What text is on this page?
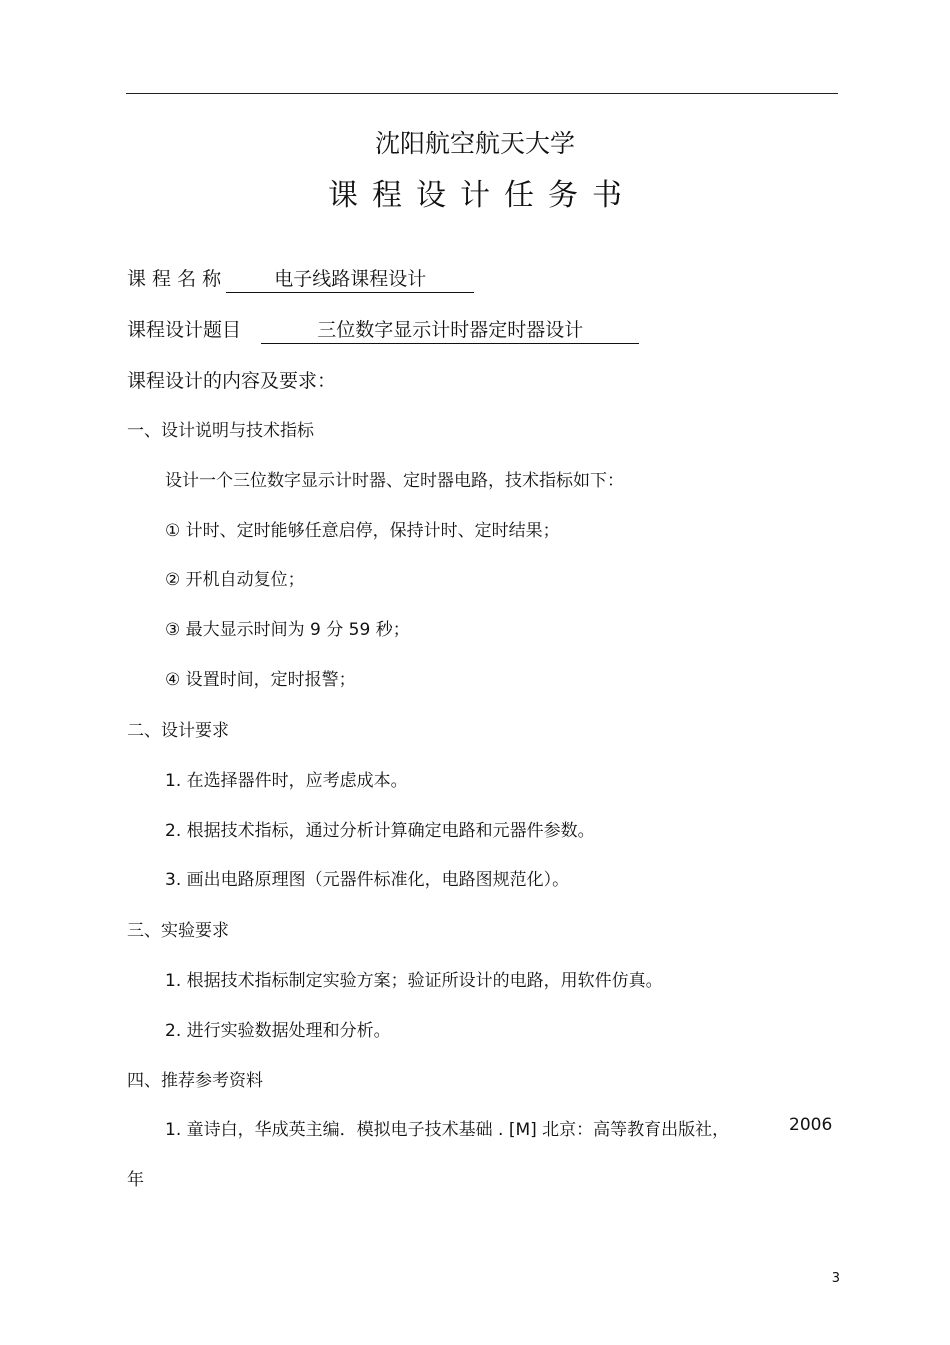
沈阳航空航天大学
课程设计任务书
课 程 名 称	电子线路课程设计
课程设计题目	三位数字显示计时器定时器设计
课程设计的内容及要求：
一、设计说明与技术指标
设计一个三位数字显示计时器、定时器电路，技术指标如下：
① 计时、定时能够任意启停，保持计时、定时结果；
② 开机自动复位；
③ 最大显示时间为 9 分 59 秒；
④ 设置时间，定时报警；
二、设计要求
1. 在选择器件时，应考虑成本。
2. 根据技术指标，通过分析计算确定电路和元器件参数。
3. 画出电路原理图（元器件标准化，电路图规范化）。
三、实验要求
1. 根据技术指标制定实验方案；验证所设计的电路，用软件仿真。
2. 进行实验数据处理和分析。
四、推荐参考资料
1. 童诗白，华成英主编．模拟电子技术基础 . [M] 北京：高等教育出版社，	2006
年
3
